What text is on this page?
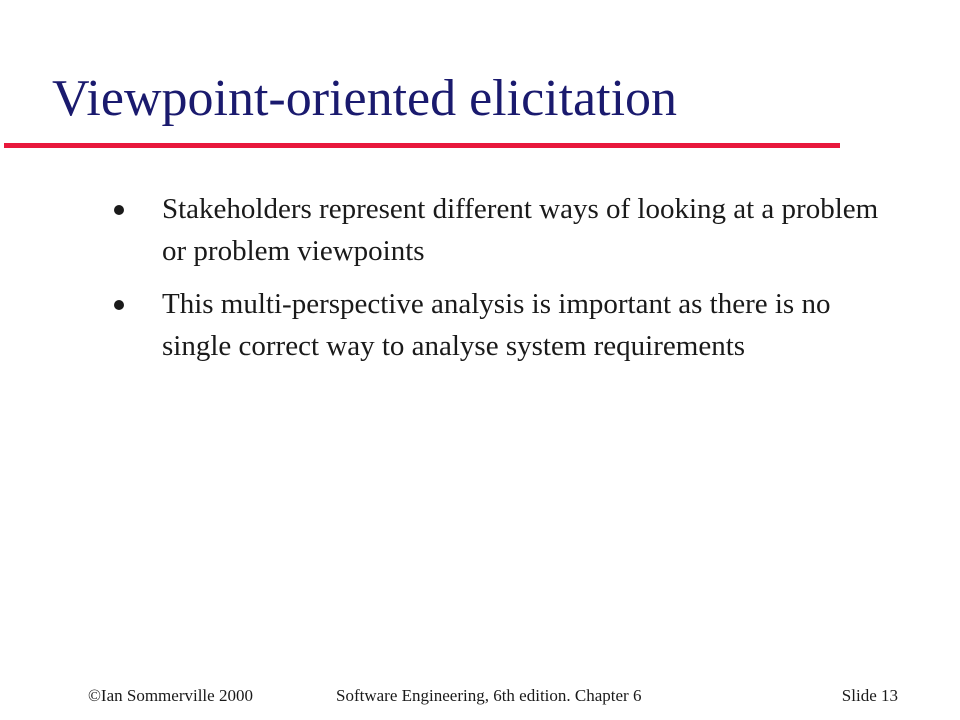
Viewpoint-oriented elicitation
Stakeholders represent different ways of looking at a problem or problem viewpoints
This multi-perspective analysis is important as there is no single correct way to analyse system requirements
©Ian Sommerville 2000	Software Engineering, 6th edition. Chapter 6	Slide 13
